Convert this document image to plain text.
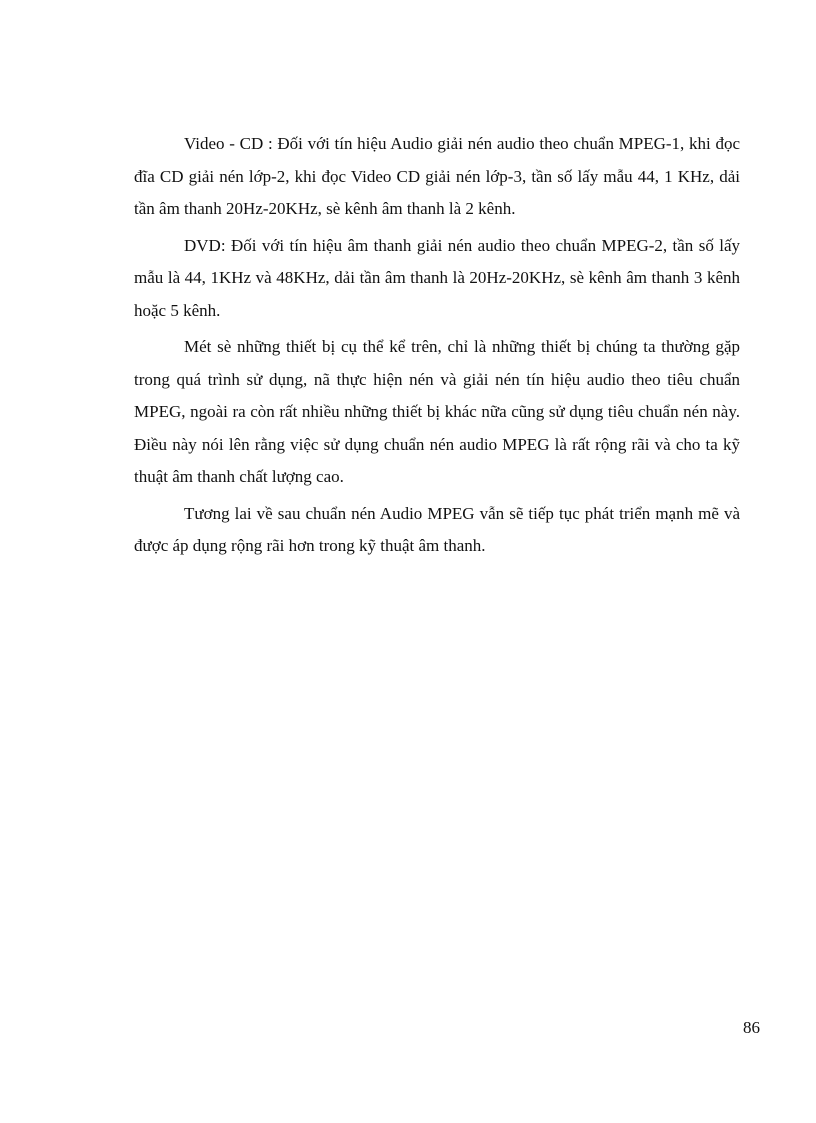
Video - CD : Đối với tín hiệu Audio giải nén audio theo chuẩn MPEG-1, khi đọc đĩa CD giải nén lớp-2, khi đọc Video CD giải nén lớp-3, tần số lấy mẫu 44, 1 KHz, dải tần âm thanh 20Hz-20KHz, sè kênh âm thanh là 2 kênh.

DVD: Đối với tín hiệu âm thanh giải nén audio theo chuẩn MPEG-2, tần số lấy mẫu là 44, 1KHz và 48KHz, dải tần âm thanh là 20Hz-20KHz, sè kênh âm thanh 3 kênh hoặc 5 kênh.

Mét sè những thiết bị cụ thể kể trên, chỉ là những thiết bị chúng ta thường gặp trong quá trình sử dụng, nã thực hiện nén và giải nén tín hiệu audio theo tiêu chuẩn MPEG, ngoài ra còn rất nhiều những thiết bị khác nữa cũng sử dụng tiêu chuẩn nén này. Điều này nói lên rằng việc sử dụng chuẩn nén audio MPEG là rất rộng rãi và cho ta kỹ thuật âm thanh chất lượng cao.

Tương lai về sau chuẩn nén Audio MPEG vẫn sẽ tiếp tục phát triển mạnh mẽ và được áp dụng rộng rãi hơn trong kỹ thuật âm thanh.

86
